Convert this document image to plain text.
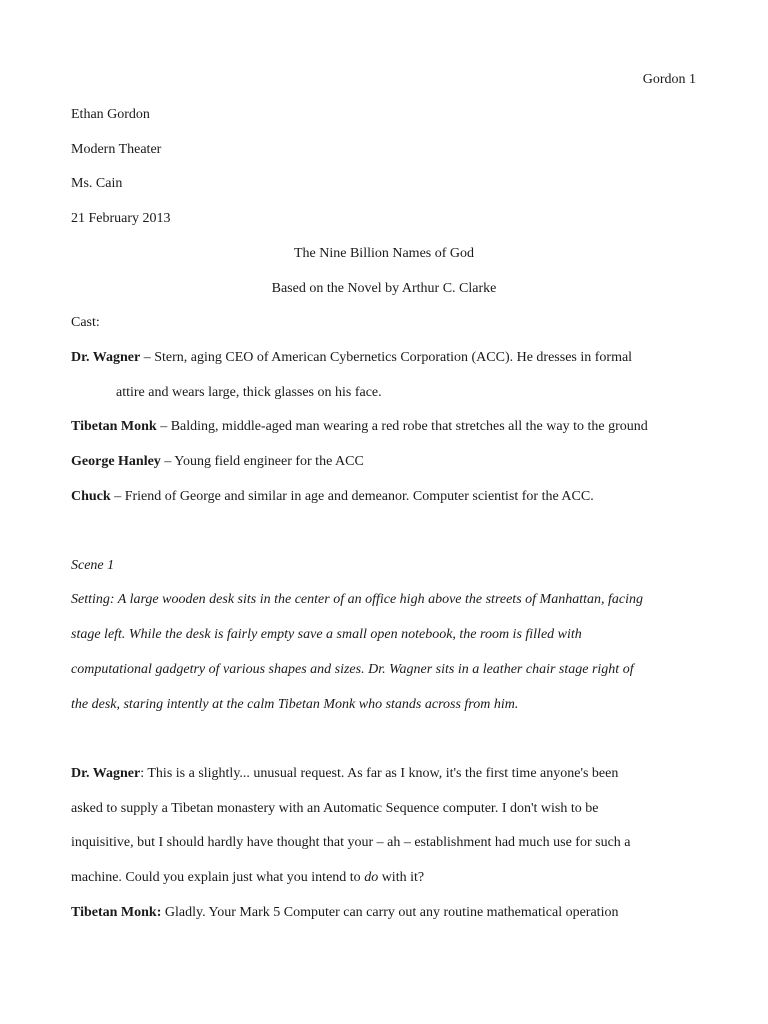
Gordon 1
Ethan Gordon
Modern Theater
Ms. Cain
21 February 2013
The Nine Billion Names of God
Based on the Novel by Arthur C. Clarke
Cast:
Dr. Wagner – Stern, aging CEO of American Cybernetics Corporation (ACC). He dresses in formal
attire and wears large, thick glasses on his face.
Tibetan Monk – Balding, middle-aged man wearing a red robe that stretches all the way to the ground
George Hanley – Young field engineer for the ACC
Chuck – Friend of George and similar in age and demeanor. Computer scientist for the ACC.
Scene 1
Setting: A large wooden desk sits in the center of an office high above the streets of Manhattan, facing
stage left. While the desk is fairly empty save a small open notebook, the room is filled with
computational gadgetry of various shapes and sizes. Dr. Wagner sits in a leather chair stage right of
the desk, staring intently at the calm Tibetan Monk who stands across from him.
Dr. Wagner: This is a slightly... unusual request. As far as I know, it's the first time anyone's been
asked to supply a Tibetan monastery with an Automatic Sequence computer. I don't wish to be
inquisitive, but I should hardly have thought that your – ah – establishment had much use for such a
machine. Could you explain just what you intend to do with it?
Tibetan Monk: Gladly. Your Mark 5 Computer can carry out any routine mathematical operation
